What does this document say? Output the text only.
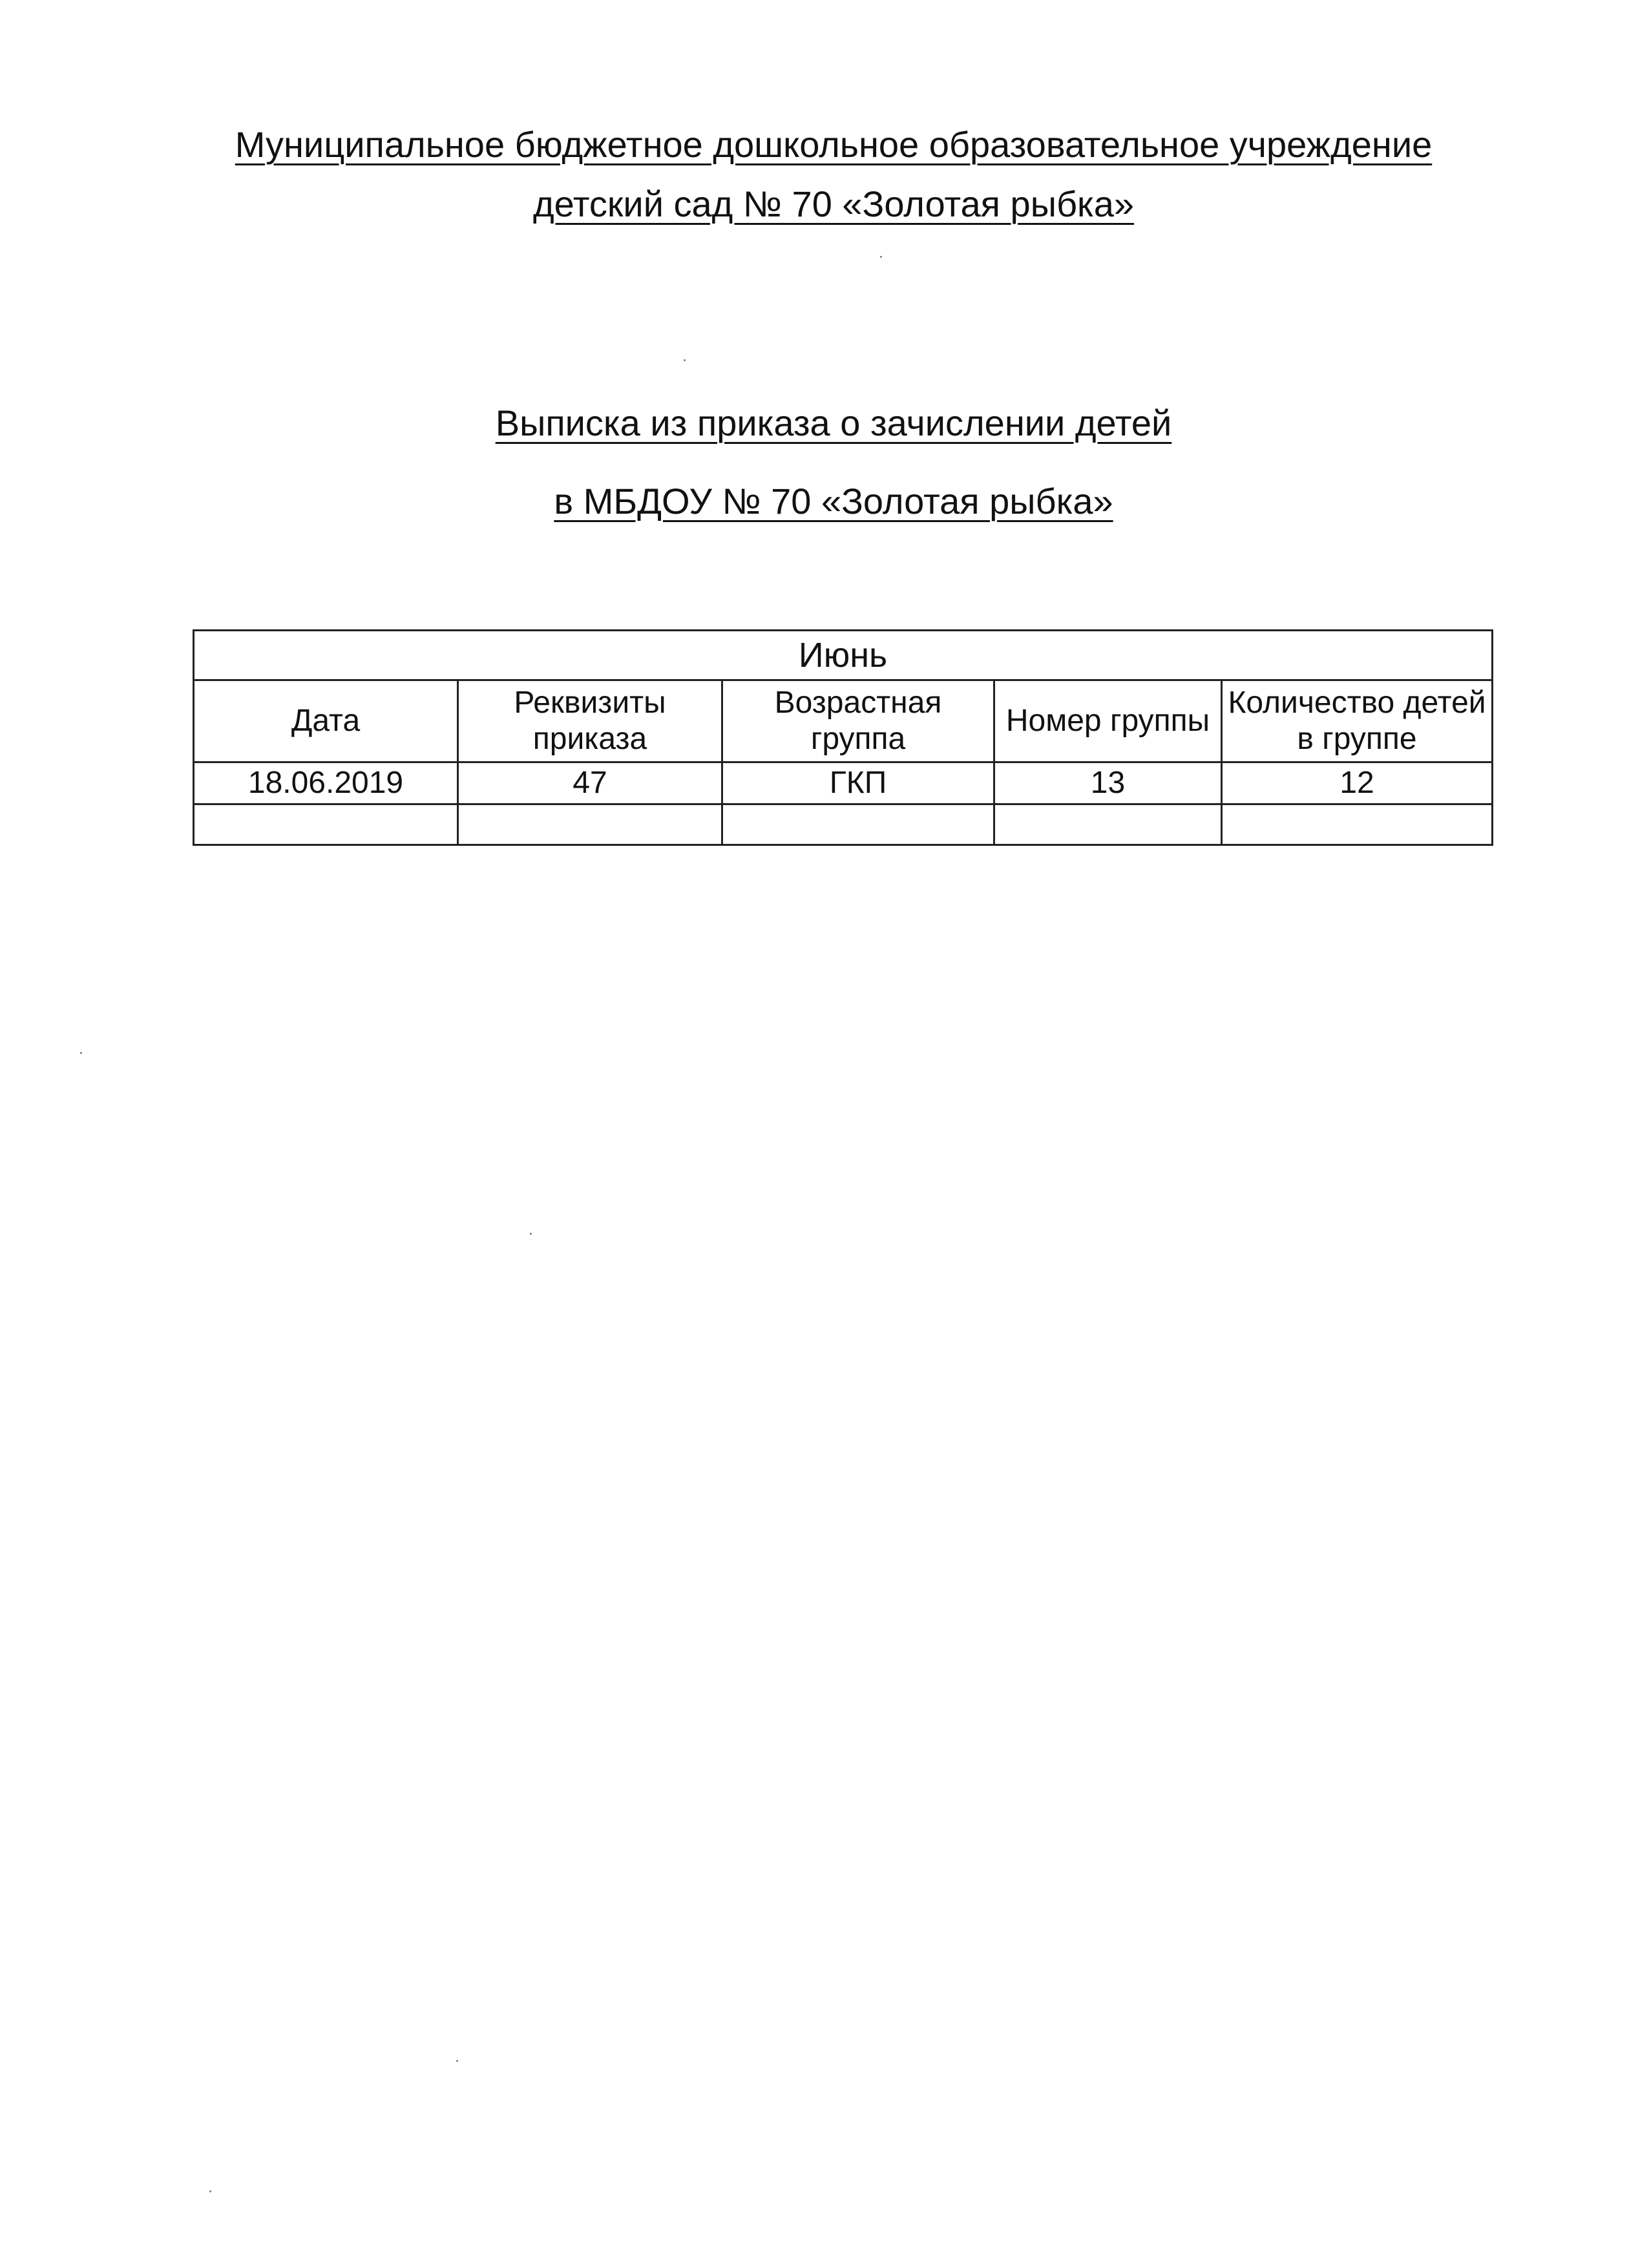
Муниципальное бюджетное дошкольное образовательное учреждение
детский сад № 70 «Золотая рыбка»
Выписка из приказа о зачислении детей
в МБДОУ № 70 «Золотая рыбка»
Июнь				
Дата	Реквизиты приказа	Возрастная группа	Номер группы	Количество детей в группе
18.06.2019	47	ГКП	13	12
